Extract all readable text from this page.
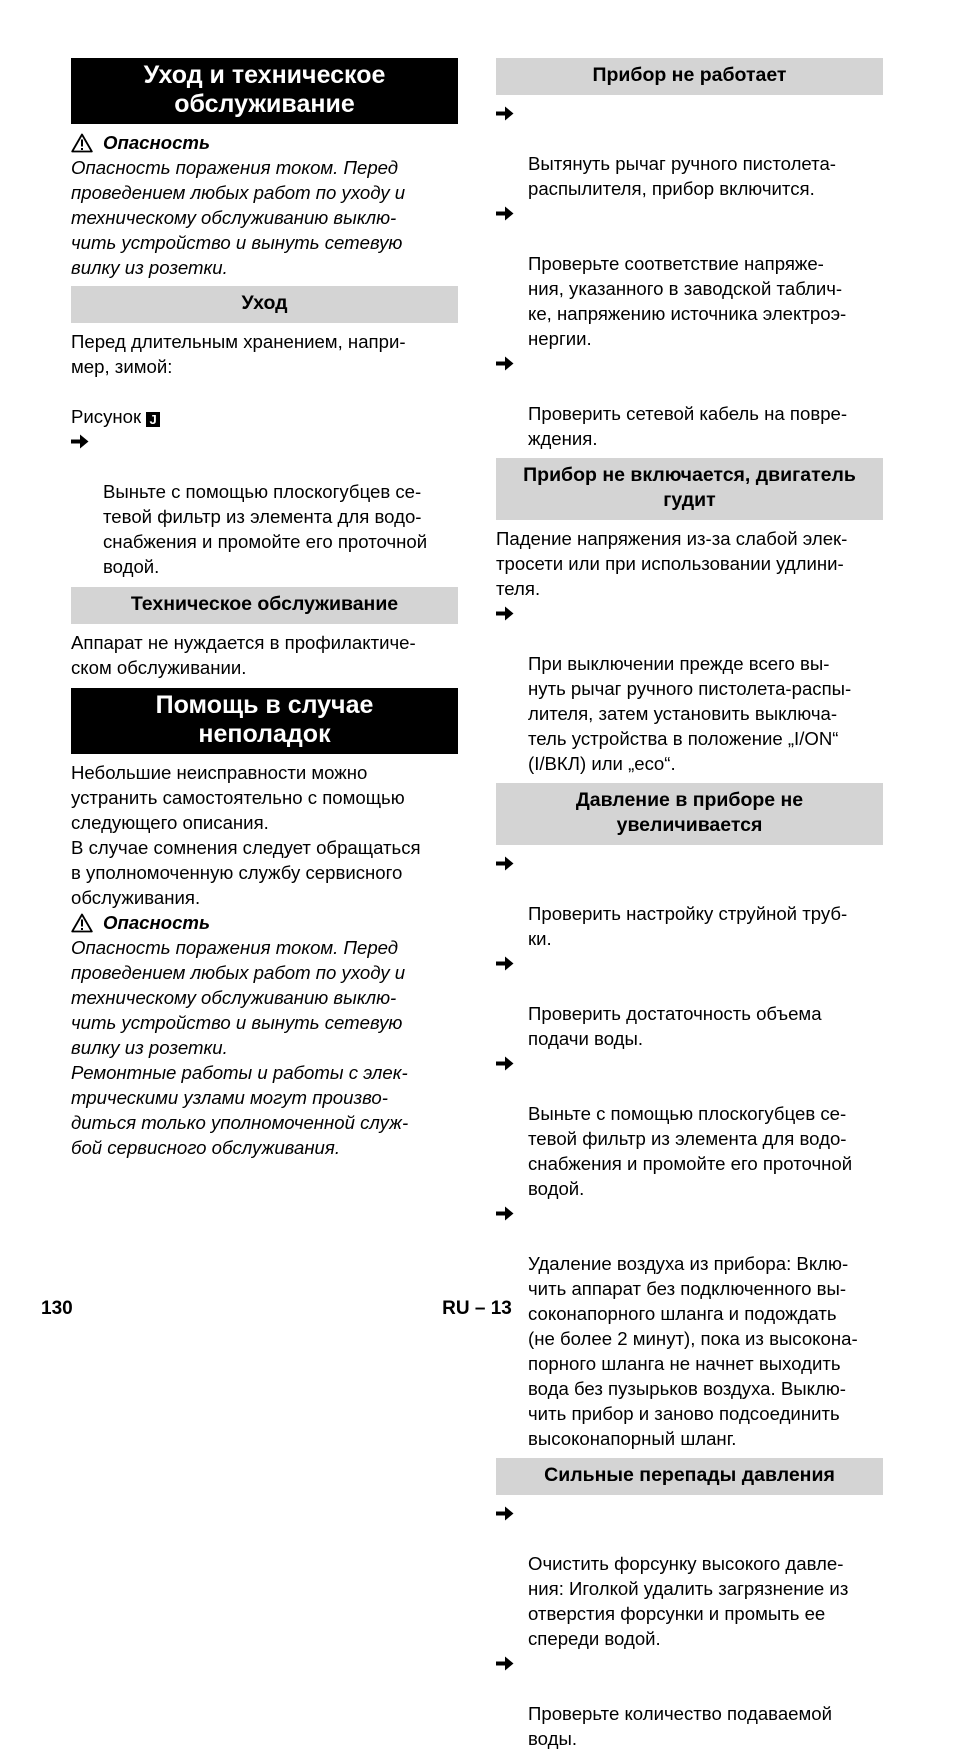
Уход и техническое
обслуживание
Опасность
Опасность поражения током. Перед
проведением любых работ по уходу и
техническому обслуживанию выклю-
чить устройство и вынуть сетевую
вилку из розетки.
Уход
Перед длительным хранением, напри-
мер, зимой:

Рисунок J

Выньте с помощью плоскогубцев се-
тевой фильтр из элемента для водо-
снабжения и промойте его проточной
водой.

Техническое обслуживание
Аппарат не нуждается в профилактиче-
ском обслуживании.
Помощь в случае
неполадок
Небольшие неисправности можно
устранить самостоятельно с помощью
следующего описания.
В случае сомнения следует обращаться
в уполномоченную службу сервисного
обслуживания.
Опасность
Опасность поражения током. Перед
проведением любых работ по уходу и
техническому обслуживанию выклю-
чить устройство и вынуть сетевую
вилку из розетки.
Ремонтные работы и работы с элек-
трическими узлами могут произво-
диться только уполномоченной служ-
бой сервисного обслуживания.
Прибор не работает

Вытянуть рычаг ручного пистолета-
распылителя, прибор включится.

Проверьте соответствие напряже-
ния, указанного в заводской таблич-
ке, напряжению источника электроэ-
нергии.

Проверить сетевой кабель на повре-
ждения.

Прибор не включается, двигатель
гудит
Падение напряжения из-за слабой элек-
тросети или при использовании удлини-
теля.

При выключении прежде всего вы-
нуть рычаг ручного пистолета-распы-
лителя, затем установить выключа-
тель устройства в положение „I/ON“
(I/ВКЛ) или „eco“.

Давление в приборе не
увеличивается

Проверить настройку струйной труб-
ки.

Проверить достаточность объема
подачи воды.

Выньте с помощью плоскогубцев се-
тевой фильтр из элемента для водо-
снабжения и промойте его проточной
водой.

Удаление воздуха из прибора: Вклю-
чить аппарат без подключенного вы-
соконапорного шланга и подождать
(не более 2 минут), пока из высокона-
порного шланга не начнет выходить
вода без пузырьков воздуха. Выклю-
чить прибор и заново подсоединить
высоконапорный шланг.

Сильные перепады давления

Очистить форсунку высокого давле-
ния: Иголкой удалить загрязнение из
отверстия форсунки и промыть ее
спереди водой.

Проверьте количество подаваемой
воды.

130	RU – 13
